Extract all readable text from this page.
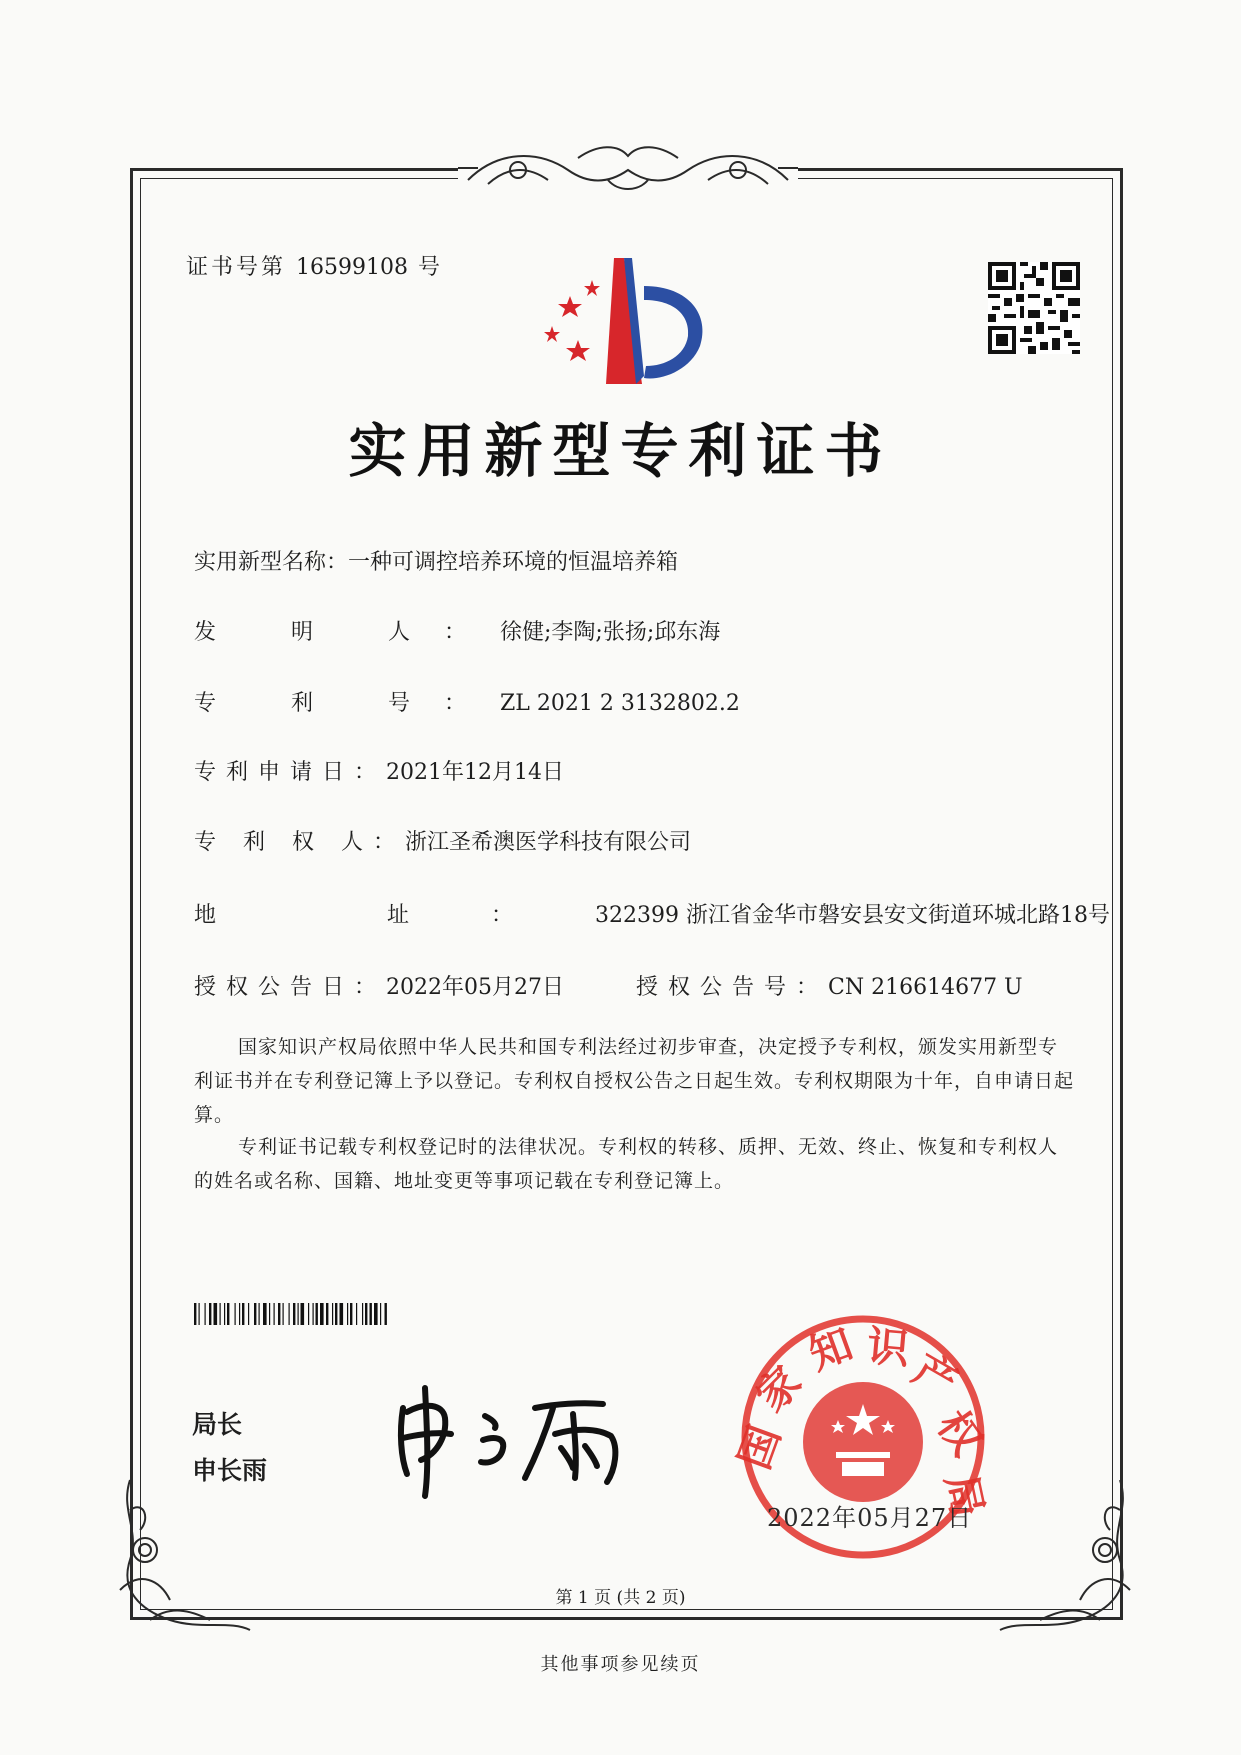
证书号第 16599108 号
实用新型专利证书
实用新型名称：一种可调控培养环境的恒温培养箱
发 明 人：徐健;李陶;张扬;邱东海
专 利 号：ZL 2021 2 3132802.2
专利申请日：2021年12月14日
专 利 权 人：浙江圣希澳医学科技有限公司
地 址：322399 浙江省金华市磐安县安文街道环城北路18号
授权公告日：2022年05月27日	授权公告号：CN 216614677 U
国家知识产权局依照中华人民共和国专利法经过初步审查，决定授予专利权，颁发实用新型专利证书并在专利登记簿上予以登记。专利权自授权公告之日起生效。专利权期限为十年，自申请日起算。
专利证书记载专利权登记时的法律状况。专利权的转移、质押、无效、终止、恢复和专利权人的姓名或名称、国籍、地址变更等事项记载在专利登记簿上。
局长
申长雨	国
家
知 识
产
权
局
2022年05月27日
第 1 页 (共 2 页)
其他事项参见续页
